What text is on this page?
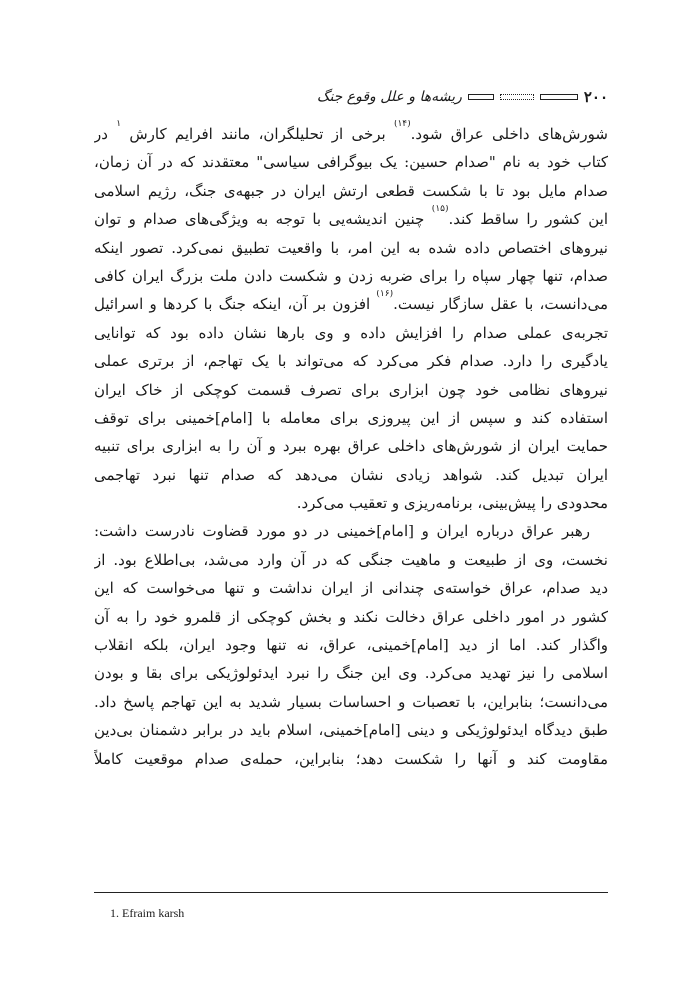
۲۰۰
ریشه‌ها و علل وقوع جنگ
شورش‌های داخلی عراق شود.$^{(۱۴)}$ برخی از تحلیلگران، مانند افرایم کارش $^۱$ در
کتاب خود به نام "صدام حسین: یک بیوگرافی سیاسی" معتقدند که در آن زمان،
صدام مایل بود تا با شکست قطعی ارتش ایران در جبهه‌ی جنگ، رژیم اسلامی
این کشور را ساقط کند.$^{(۱۵)}$ چنین اندیشه‌یی با توجه به ویژگی‌های صدام و توان
نیروهای اختصاص داده شده به این امر، با واقعیت تطبیق نمی‌کرد. تصور اینکه
صدام، تنها چهار سپاه را برای ضربه زدن و شکست دادن ملت بزرگ ایران کافی
می‌دانست، با عقل سازگار نیست.$^{(۱۶)}$ افزون بر آن، اینکه جنگ با کردها و اسرائیل
تجربه‌ی عملی صدام را افزایش داده و وی بارها نشان داده بود که توانایی
یادگیری را دارد. صدام فکر می‌کرد که می‌تواند با یک تهاجم، از برتری عملی
نیروهای نظامی خود چون ابزاری برای تصرف قسمت کوچکی از خاک ایران
استفاده کند و سپس از این پیروزی برای معامله با [امام]خمینی برای توقف
حمایت ایران از شورش‌های داخلی عراق بهره ببرد و آن را به ابزاری برای تنبیه
ایران تبدیل کند. شواهد زیادی نشان می‌دهد که صدام تنها نبرد تهاجمی
محدودی را پیش‌بینی، برنامه‌ریزی و تعقیب می‌کرد.
رهبر عراق درباره ایران و [امام]خمینی در دو مورد قضاوت نادرست داشت:
نخست، وی از طبیعت و ماهیت جنگی که در آن وارد می‌شد، بی‌اطلاع بود. از
دید صدام، عراق خواسته‌ی چندانی از ایران نداشت و تنها می‌خواست که این
کشور در امور داخلی عراق دخالت نکند و بخش کوچکی از قلمرو خود را به آن
واگذار کند. اما از دید [امام]خمینی، عراق، نه تنها وجود ایران، بلکه انقلاب
اسلامی را نیز تهدید می‌کرد. وی این جنگ را نبرد ایدئولوژیکی برای بقا و بودن
می‌دانست؛ بنابراین، با تعصبات و احساسات بسیار شدید به این تهاجم پاسخ داد.
طبق دیدگاه ایدئولوژیکی و دینی [امام]خمینی، اسلام باید در برابر دشمنان بی‌دین
مقاومت کند و آنها را شکست دهد؛ بنابراین، حمله‌ی صدام موقعیت کاملاً
1. Efraim karsh
